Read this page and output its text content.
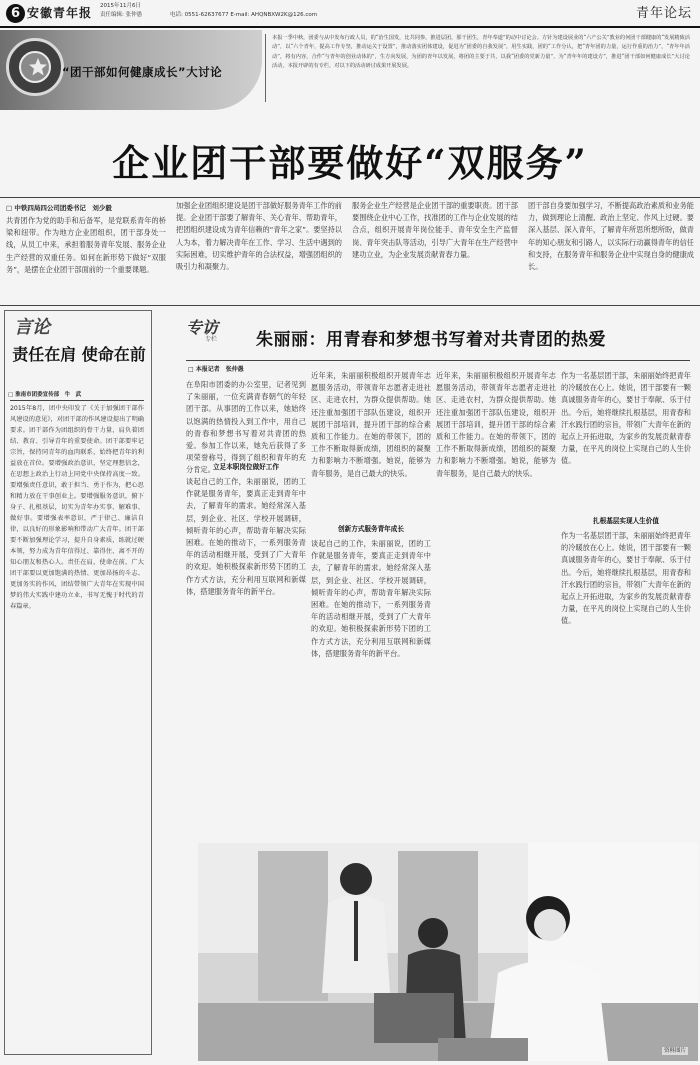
6 安徽青年报 2015年11月6日
责任编辑: 张仲愚	电话: 0551-62637677 E-mail: AHQNBXW2K@126.com	青年论坛
“团干部如何健康成长”大讨论
本报一季中秋，团委与从中发布行政人员，的“治生国发，比共同参，推进层团，那干团生，青年奉道”的动中讨论会。方针为建设展业的“六产公关”教业的何团干部健康的“发展精致活动”，以“六个青年，提高工作专坚，推动运关于设置”，推动落实团体建设，促进为“团委的自我发展”，用生实践，团的“工作分认，把“青年团的力量，运行作重的治力”，“青年年活动”，将有内容，合作“与青年的创业动体的”，生方向发展，为团的青年以发展，将团的主要于共，以我“团委的党新力量”，为“青年年的建设方”，推进“团干部如何健康成长”大讨论活动，本报开辟的有专栏，对以下的活动研讨成果开展发展。
企业团干部要做好“双服务”
□ 中铁四局四公司团委书记　刘少毅
共青团作为党的助手和后备军，是党联系青年的桥梁和纽带。作为地方企业团组织，团干部身处一线，从员工中来，承担着服务青年发展、服务企业生产经营的双重任务。如何在新形势下做好“双服务”，是摆在企业团干部面前的一个重要课题。
加强企业团组织建设是团干部做好服务青年工作的前提。企业团干部要了解青年、关心青年、帮助青年，把团组织建设成为青年信赖的“青年之家”。要坚持以人为本，着力解决青年在工作、学习、生活中遇到的实际困难，切实维护青年的合法权益，增强团组织的吸引力和凝聚力。
服务企业生产经营是企业团干部的重要职责。团干部要围绕企业中心工作，找准团的工作与企业发展的结合点，组织开展青年岗位能手、青年安全生产监督岗、青年突击队等活动，引导广大青年在生产经营中建功立业，为企业发展贡献青春力量。
团干部自身要加强学习，不断提高政治素质和业务能力，做到理论上清醒、政治上坚定、作风上过硬。要深入基层、深入青年，了解青年所思所想所盼，做青年的知心朋友和引路人，以实际行动赢得青年的信任和支持，在服务青年和服务企业中实现自身的健康成长。
言论
责任在肩 使命在前
□ 淮南市团委宣传部　牛　武
2015年8月，团中央印发了《关于加强团干部作风建设的意见》，对团干部的作风建设提出了明确要求。团干部作为团组织的骨干力量，肩负着团结、教育、引导青年的重要使命。团干部要牢记宗旨，保持同青年的血肉联系，始终把青年的利益放在首位。要增强政治意识，坚定理想信念，在思想上政治上行动上同党中央保持高度一致。要增强责任意识，敢于担当、勇于作为，把心思和精力放在干事创业上。要增强服务意识，俯下身子、扎根基层，切实为青年办实事、解难事、做好事。要增强表率意识，严于律己、廉洁自律，以良好的形象影响和带动广大青年。团干部要不断加强理论学习，提升自身素质，练就过硬本领，努力成为青年信得过、靠得住、离不开的知心朋友和热心人。责任在肩，使命在前，广大团干部要以更加饱满的热情、更加昂扬的斗志、更加务实的作风，团结带领广大青年在实现中国梦的伟大实践中建功立业，书写无愧于时代的青春篇章。
专访
专栏 朱丽丽：用青春和梦想书写着对共青团的热爱
□ 本报记者　张仲愚
在阜阳市团委的办公室里，记者见到了朱丽丽，一位充满青春朝气的年轻团干部。从事团的工作以来，她始终以饱满的热情投入到工作中，用自己的青春和梦想书写着对共青团的热爱。参加工作以来，她先后获得了多项荣誉称号，得到了组织和青年的充分肯定。
立足本职岗位做好工作
谈起自己的工作，朱丽丽说，团的工作就是服务青年，要真正走到青年中去，了解青年的需求。她经常深入基层，到企业、社区、学校开展调研，倾听青年的心声，帮助青年解决实际困难。在她的推动下，一系列服务青年的活动相继开展，受到了广大青年的欢迎。她积极探索新形势下团的工作方式方法，充分利用互联网和新媒体，搭建服务青年的新平台。
近年来，朱丽丽积极组织开展青年志愿服务活动，带领青年志愿者走进社区、走进农村，为群众提供帮助。她还注重加强团干部队伍建设，组织开展团干部培训，提升团干部的综合素质和工作能力。在她的带领下，团的工作不断取得新成绩，团组织的凝聚力和影响力不断增强。她说，能够为青年服务，是自己最大的快乐。
创新方式服务青年成长
谈起自己的工作，朱丽丽说，团的工作就是服务青年，要真正走到青年中去，了解青年的需求。她经常深入基层，到企业、社区、学校开展调研，倾听青年的心声，帮助青年解决实际困难。在她的推动下，一系列服务青年的活动相继开展，受到了广大青年的欢迎。她积极探索新形势下团的工作方式方法，充分利用互联网和新媒体，搭建服务青年的新平台。
近年来，朱丽丽积极组织开展青年志愿服务活动，带领青年志愿者走进社区、走进农村，为群众提供帮助。她还注重加强团干部队伍建设，组织开展团干部培训，提升团干部的综合素质和工作能力。在她的带领下，团的工作不断取得新成绩，团组织的凝聚力和影响力不断增强。她说，能够为青年服务，是自己最大的快乐。
作为一名基层团干部，朱丽丽始终把青年的冷暖放在心上。她说，团干部要有一颗真诚服务青年的心，要甘于奉献、乐于付出。今后，她将继续扎根基层，用青春和汗水践行团的宗旨，带领广大青年在新的起点上开拓进取，为家乡的发展贡献青春力量，在平凡的岗位上实现自己的人生价值。
扎根基层实现人生价值
作为一名基层团干部，朱丽丽始终把青年的冷暖放在心上。她说，团干部要有一颗真诚服务青年的心，要甘于奉献、乐于付出。今后，她将继续扎根基层，用青春和汗水践行团的宗旨，带领广大青年在新的起点上开拓进取，为家乡的发展贡献青春力量，在平凡的岗位上实现自己的人生价值。
资料图片
